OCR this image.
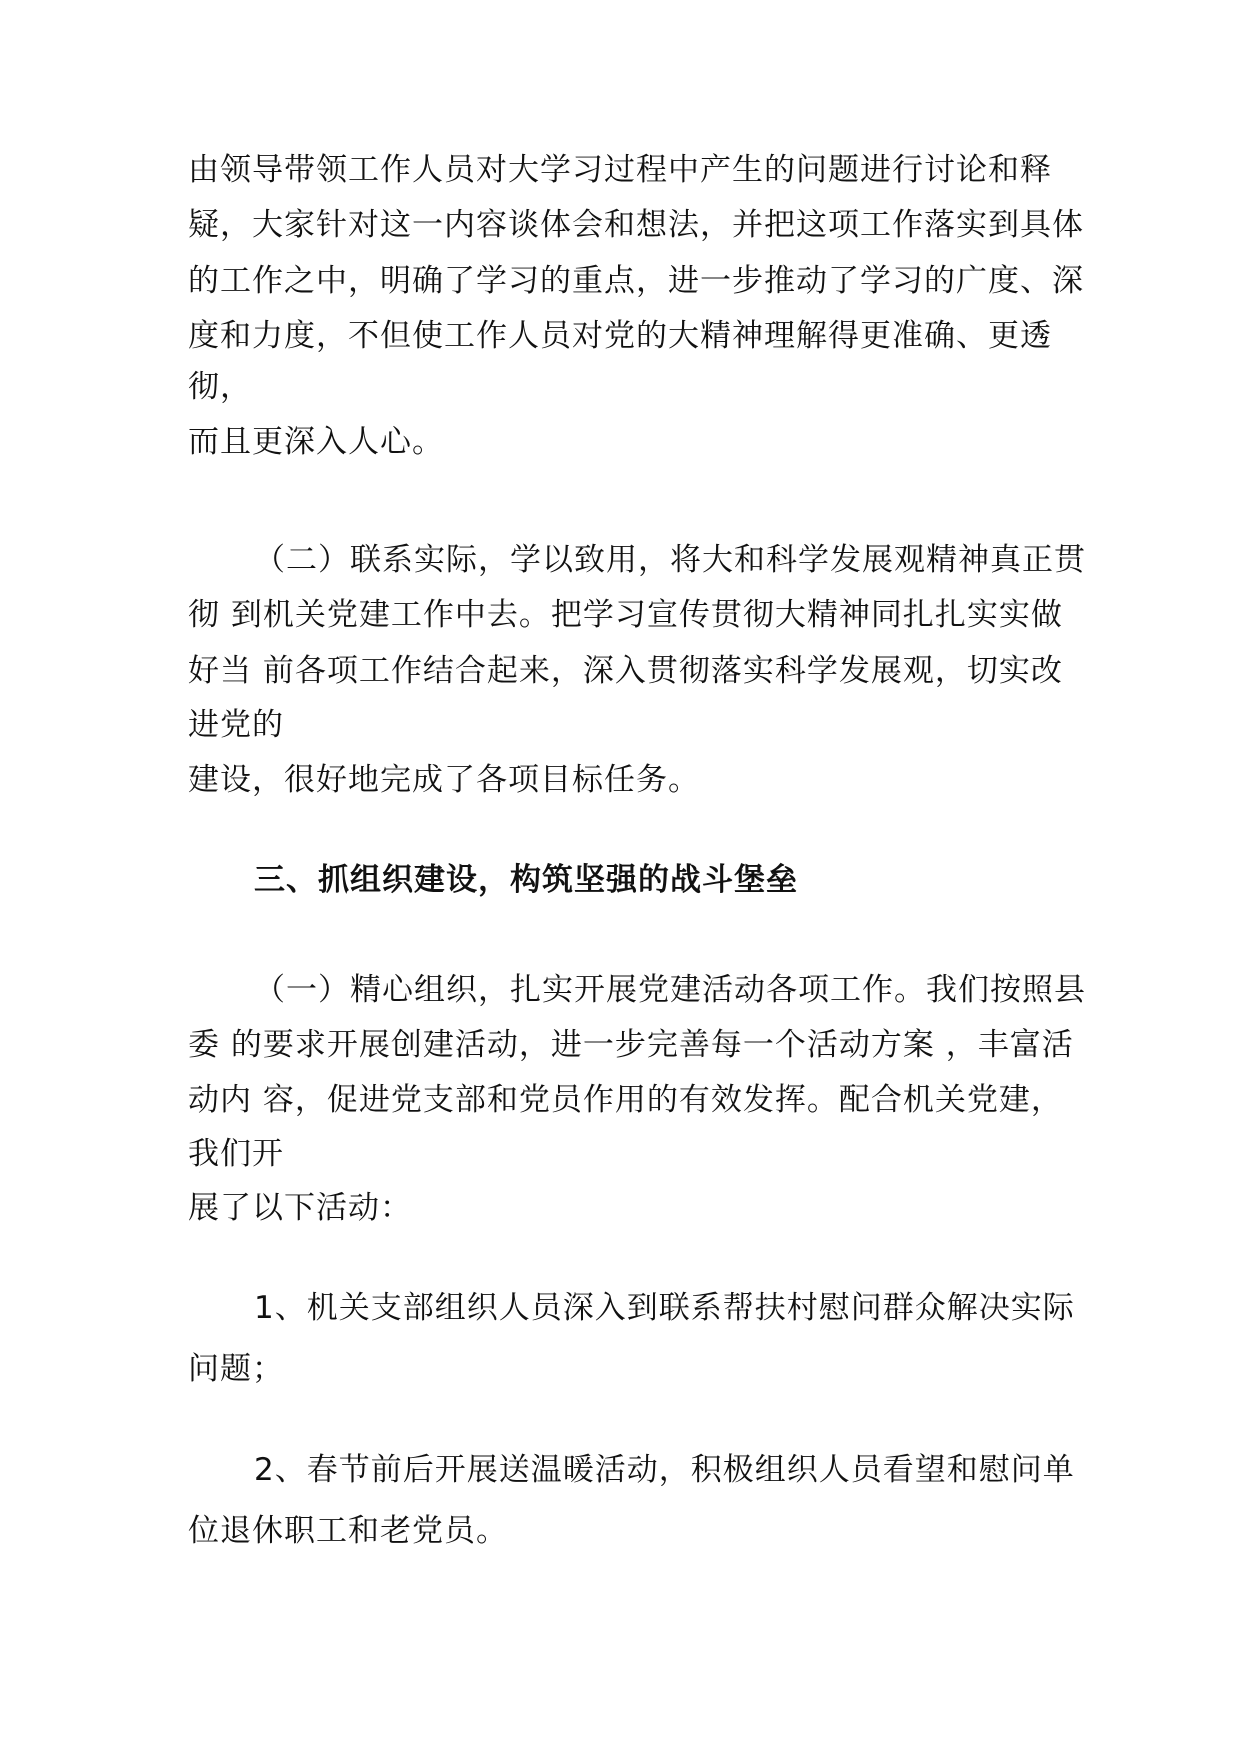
由领导带领工作人员对大学习过程中产生的问题进行讨论和释
疑，大家针对这一内容谈体会和想法，并把这项工作落实到具体
的工作之中，明确了学习的重点，进一步推动了学习的广度、深
度和力度，不但使工作人员对党的大精神理解得更准确、更透
彻，
而且更深入人心。
（二）联系实际，学以致用，将大和科学发展观精神真正贯
彻 到机关党建工作中去。把学习宣传贯彻大精神同扎扎实实做
好当 前各项工作结合起来，深入贯彻落实科学发展观，切实改
进党的
建设，很好地完成了各项目标任务。
三、抓组织建设，构筑坚强的战斗堡垒
（一）精心组织，扎实开展党建活动各项工作。我们按照县
委 的要求开展创建活动，进一步完善每一个活动方案 ，丰富活
动内 容，促进党支部和党员作用的有效发挥。配合机关党建，
我们开
展了以下活动：
1、机关支部组织人员深入到联系帮扶村慰问群众解决实际
问题；
2、春节前后开展送温暖活动，积极组织人员看望和慰问单
位退休职工和老党员。
